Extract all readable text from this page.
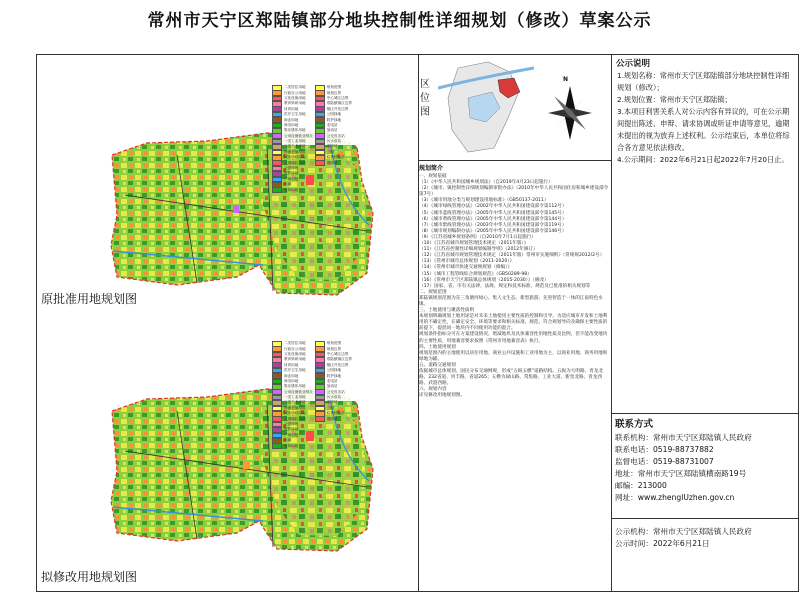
常州市天宁区郑陆镇部分地块控制性详细规划（修改）草案公示
二类居住用地
行政办公用地
文化设施用地
教育科研用地
体育用地
医疗卫生用地
商业用地
商务用地
娱乐康体用地
公用设施营业网点
一类工业用地
二类工业用地
物流仓储用地
城市道路用地
交通场站用地
公园绿地
防护绿地
广场用地
水域
农林用地
规划范围
规划边界
中心城区边界
郑陆镇镇区边界
镇区开发边界
公园绿地
防护绿地
变电站
加油站
公交首末站
污水泵站
消防站
公厕
垃圾转运站
排涝站
原批准用地规划图
二类居住用地
行政办公用地
文化设施用地
教育科研用地
体育用地
医疗卫生用地
商业用地
商务用地
娱乐康体用地
公用设施营业网点
一类工业用地
二类工业用地
物流仓储用地
城市道路用地
交通场站用地
公园绿地
防护绿地
广场用地
水域
农林用地
规划范围
规划边界
中心城区边界
郑陆镇镇区边界
镇区开发边界
公园绿地
防护绿地
变电站
加油站
公交首末站
污水泵站
消防站
公厕
垃圾转运站
排涝站
拟修改用地规划图
区位图
N
规划简介
一、规划依据
（1）《中华人民共和国城乡规划法》（自2019年4月23日起施行）
（2）《城市、镇控制性详细规划编制审批办法》（2010年中华人民共和国住房和城乡建设部令第7号）
（3）《城市用地分类与规划建设用地标准》（GB50137-2011）
（4）《城市绿线管理办法》（2002年中华人民共和国建设部令第112号）
（5）《城市蓝线管理办法》（2005年中华人民共和国建设部令第145号）
（6）《城市黄线管理办法》（2005年中华人民共和国建设部令第144号）
（7）《城市紫线管理办法》（2003年中华人民共和国建设部令第119号）
（8）《城市规划编制办法》（2005年中华人民共和国建设部令第146号）
（9）《江苏省城乡规划条例》（自2010年7月1日起施行）
（10）《江苏省城市规划管理技术规定（2011年版）》
（11）《江苏省控制性详细规划编制导则》（2012年修订）
（12）《江苏省城市规划管理技术规定（2011年版）常州市实施细则》（常规规2012/2号）
（13）《常州市城市总体规划（2011-2020）》
（14）《常州市城市快速交通网规划（修编）》
（15）《城市工程管线综合规划规范》（GB50289-98）
（16）《常州市天宁区郑陆镇总体规划（2015-2030）》（修改）
（17）国家、省、市有关法律、法规、规定和技术标准、规范及已批准的相关规划等
二、规划范围
郑陆镇规划范围为东三角塘河绿心、集人文生态、新型旅游、先进智造于一体的江南特色水镇。
三、土地使用与聚落性质则
本规划明确规划土地用途是对未来土地使用主要性质的控制和引导。为适应城市开发和土地利用的不确定性，在确定安全、环境等要求和相关标准、规范、符合规划导向及确保主要性质的前提下，提倡同一地块内不同使用功能的混合。
规划条件指标分可在方案建设情况、增减地块及具体兼容性用地性质及比例，但不能改变地块的主要性质，用地兼容要求按照《常州市用地兼容表》执行。
四、土地使用规划
规划范围内的主地使用以居住用地、商业公共设施和工业用地为主，以商业用地、商务用地和绿地为辅。
五、道路交通规划
依据城市总体规划、国民分布交通网规，形成“五纵五横”道路结构。五纵为大明路、青龙北路、232省道、河丰路、省道265；五横为碌山路、常焦路、工业大道、新堂北路、青龙西路、武澄西路。
六、规划内容
详见修改用地规划图。
公示说明
1.规划名称：常州市天宁区郑陆镇部分地块控制性详细规划（修改）；
2.规划位置：常州市天宁区郑陆镇；
3.本项目利害关系人对公示内容有异议的，可在公示期间提出陈述、申辩、请求协调或听证申请等意见，逾期未提出的视为放弃上述权利。公示结束后，本单位将综合各方意见依法修改。
4.公示期间：2022年6月21日起2022年7月20日止。
联系方式
联系机构：常州市天宁区郑陆镇人民政府
联系电话：0519-88737882
监督电话：0519-88731007
地址：常州市天宁区郑陆镇横南路19号
邮编：213000
网址：www.zhenglUzhen.gov.cn
公示机构：常州市天宁区郑陆镇人民政府
公示时间：2022年6月21日
